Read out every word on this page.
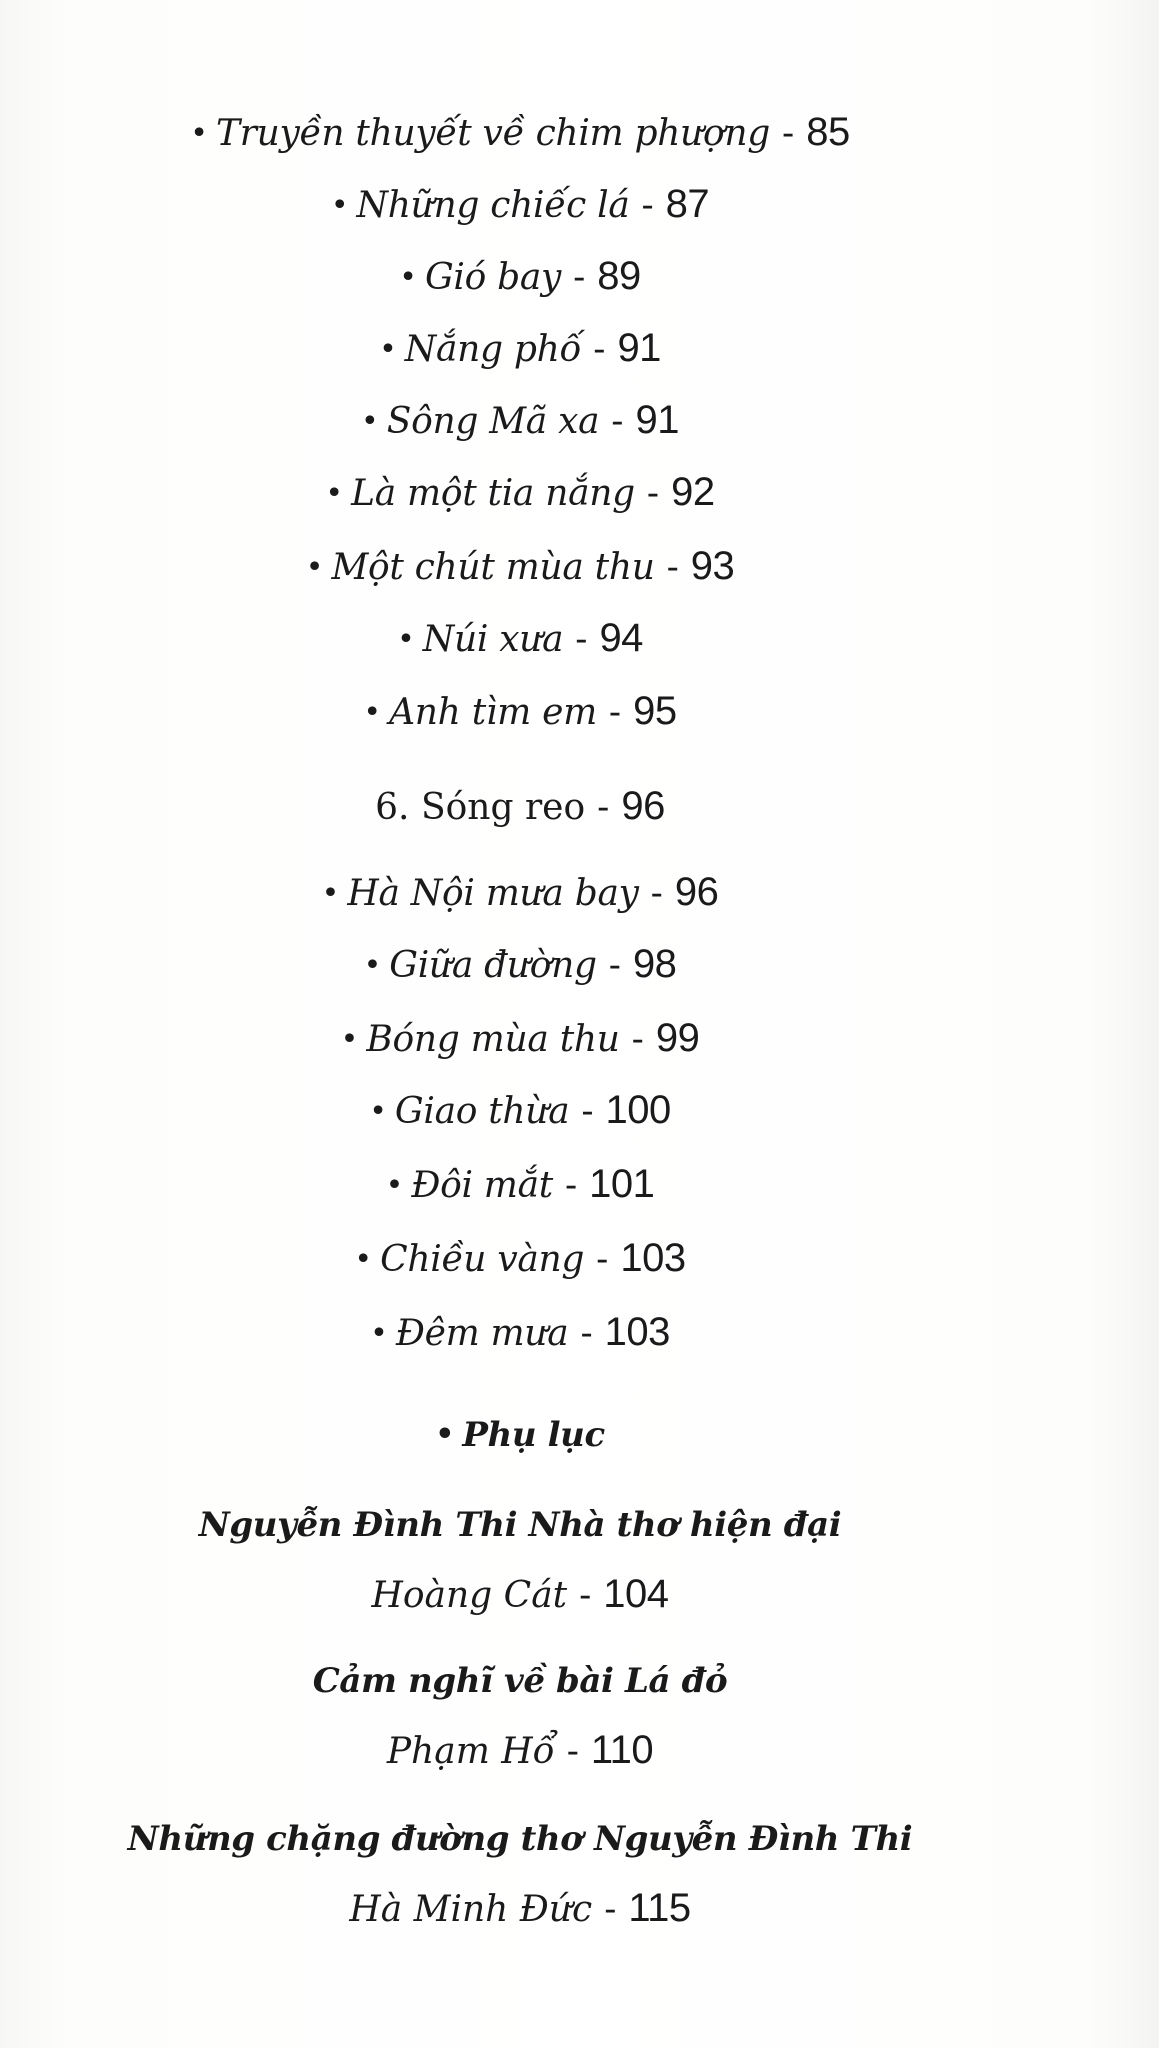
• Truyền thuyết về chim phượng - 85
• Những chiếc lá - 87
• Gió bay - 89
• Nắng phố - 91
• Sông Mã xa - 91
• Là một tia nắng - 92
• Một chút mùa thu - 93
• Núi xưa - 94
• Anh tìm em - 95
6. Sóng reo - 96
• Hà Nội mưa bay - 96
• Giữa đường - 98
• Bóng mùa thu - 99
• Giao thừa - 100
• Đôi mắt - 101
• Chiều vàng - 103
• Đêm mưa - 103
• Phụ lục
Nguyễn Đình Thi Nhà thơ hiện đại
Hoàng Cát - 104
Cảm nghĩ về bài Lá đỏ
Phạm Hổ - 110
Những chặng đường thơ Nguyễn Đình Thi
Hà Minh Đức - 115
